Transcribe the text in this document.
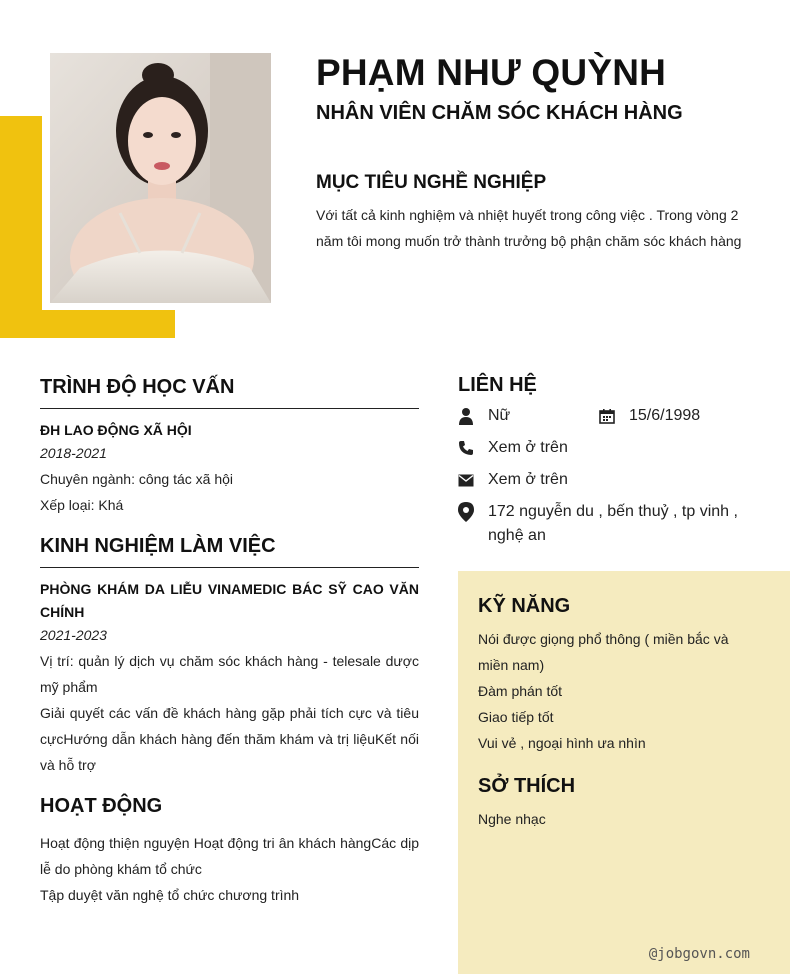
PHẠM NHƯ QUỲNH
NHÂN VIÊN CHĂM SÓC KHÁCH HÀNG
MỤC TIÊU NGHỀ NGHIỆP

Với tất cả kinh nghiệm và nhiệt huyết trong công việc . Trong vòng 2 năm tôi mong muốn trở thành trưởng bộ phận chăm sóc khách hàng

TRÌNH ĐỘ HỌC VẤN
ĐH LAO ĐỘNG XÃ HỘI
2018-2021
Chuyên ngành: công tác xã hội
Xếp loại: Khá
KINH NGHIỆM LÀM VIỆC
PHÒNG KHÁM DA LIỄU VINAMEDIC BÁC SỸ CAO VĂN CHÍNH
2021-2023
Vị trí: quản lý dịch vụ chăm sóc khách hàng - telesale dược mỹ phẩm
Giải quyết các vấn đề khách hàng gặp phải tích cực và tiêu cựcHướng dẫn khách hàng đến thăm khám và trị liệuKết nối và hỗ trợ
HOẠT ĐỘNG
Hoạt động thiện nguyện Hoạt động tri ân khách hàngCác dịp lễ do phòng khám tổ chức
Tập duyệt văn nghệ tổ chức chương trình
LIÊN HỆ
Nữ	15/6/1998
Xem ở trên
Xem ở trên
172 nguyễn du , bến thuỷ , tp vinh , nghệ an
KỸ NĂNG
Nói được giọng phổ thông ( miền bắc và miền nam)
Đàm phán tốt
Giao tiếp tốt
Vui vẻ , ngoại hình ưa nhìn
SỞ THÍCH
Nghe nhạc
@jobgovn.com
